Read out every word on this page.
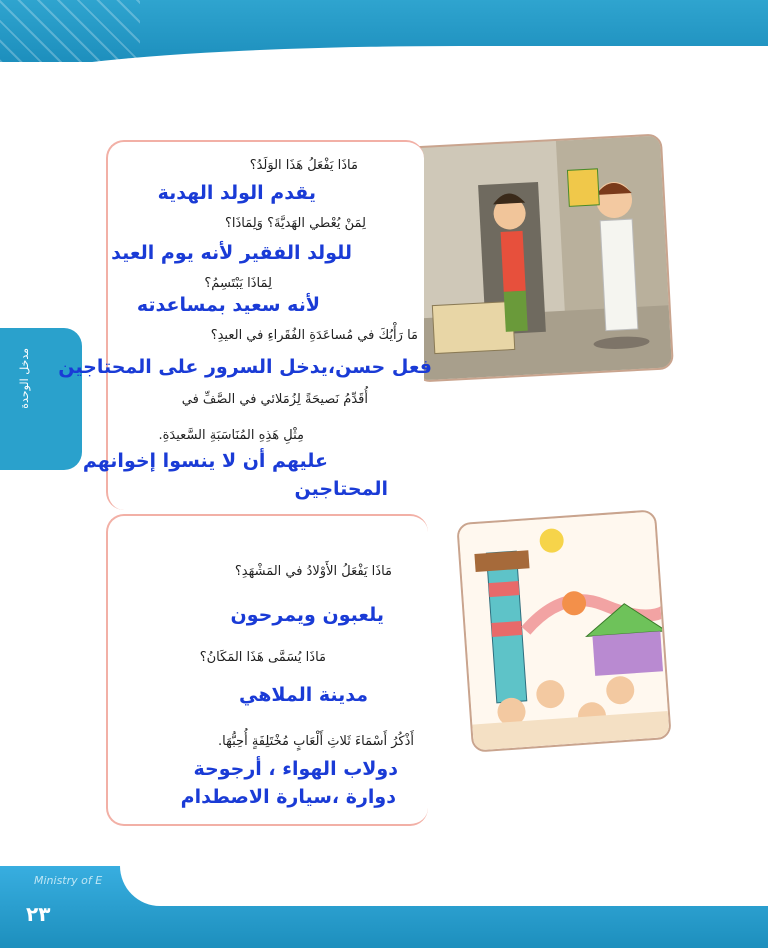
مدخل الوحدة
مَاذَا يَفْعَلُ هَذَا الوَلَدُ؟
يقدم الولد الهدية
لِمَنْ يُعْطي الهَديَّةَ؟ وَلِمَاذَا؟
للولد الفقير لأنه يوم العيد
لِمَاذَا يَبْتَسِمُ؟
لأنه سعيد بمساعدته
مَا رَأْيُكَ في مُساعَدَةِ الفُقَراءِ في العيدِ؟
فعل حسن،يدخل السرور على المحتاجين
أُقَدِّمُ نَصيحَةً لِزُمَلائي في الصَّفِّ في
مِثْلِ هَذِهِ المُنَاسَبَةِ السَّعيدَةِ.
عليهم أن لا ينسوا إخوانهم
المحتاجين
مَاذَا يَفْعَلُ الأَوْلادُ في المَشْهَدِ؟
يلعبون ويمرحون
مَاذَا يُسَمَّى هَذَا المَكَانُ؟
مدينة الملاهي
أَذْكُرُ أَسْمَاءَ ثَلاثِ أَلْعَابٍ مُخْتَلِفَةٍ أُحِبُّهَا.
دولاب الهواء ، أرجوحة
دوارة ،سيارة الاصطدام
Ministry of E
٢٣
